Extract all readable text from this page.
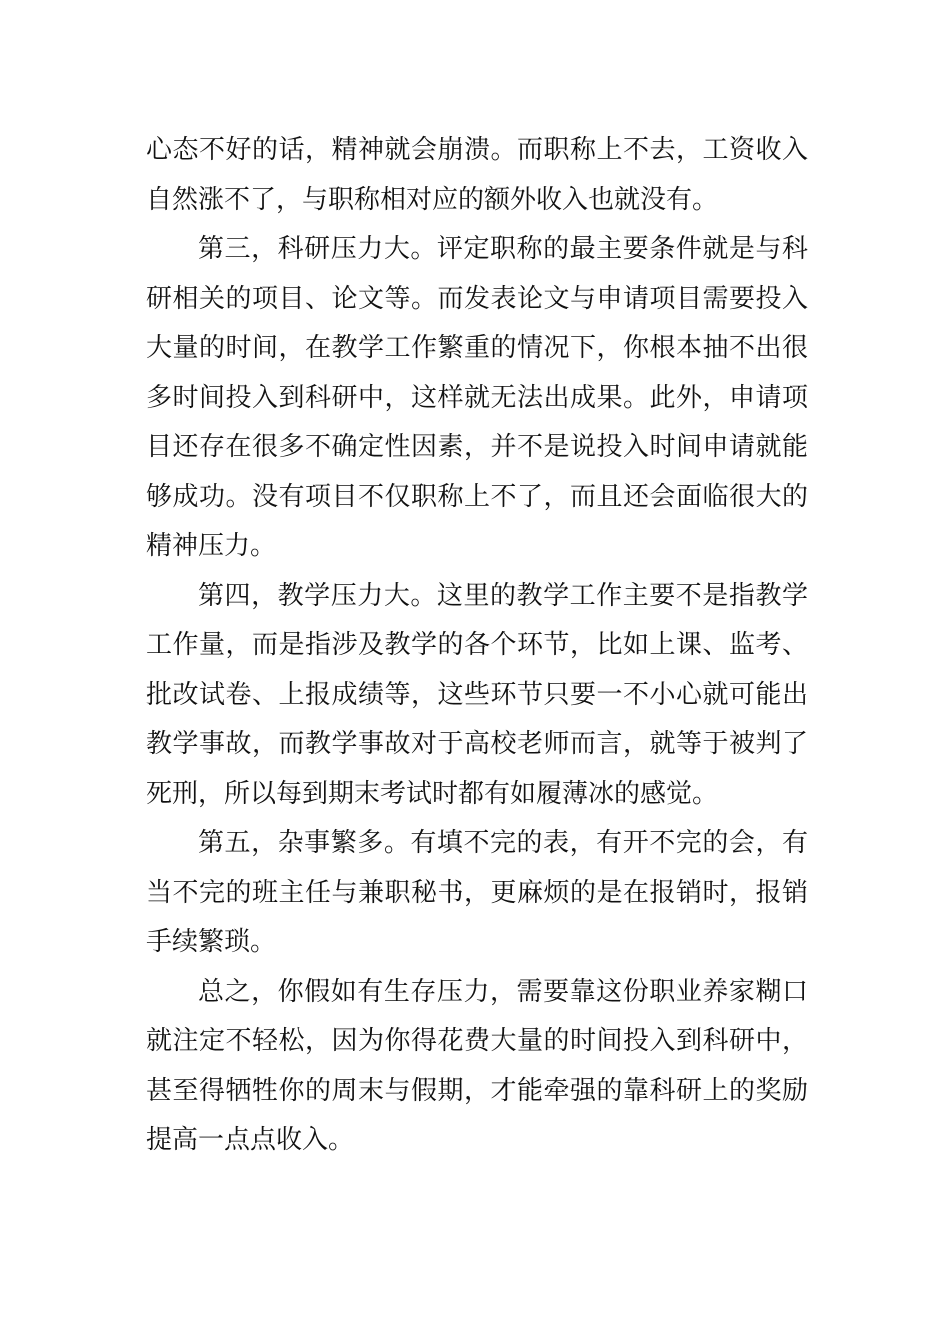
心态不好的话，精神就会崩溃。而职称上不去，工资收入自然涨不了，与职称相对应的额外收入也就没有。

第三，科研压力大。评定职称的最主要条件就是与科研相关的项目、论文等。而发表论文与申请项目需要投入大量的时间，在教学工作繁重的情况下，你根本抽不出很多时间投入到科研中，这样就无法出成果。此外，申请项目还存在很多不确定性因素，并不是说投入时间申请就能够成功。没有项目不仅职称上不了，而且还会面临很大的精神压力。

第四，教学压力大。这里的教学工作主要不是指教学工作量，而是指涉及教学的各个环节，比如上课、监考、批改试卷、上报成绩等，这些环节只要一不小心就可能出教学事故，而教学事故对于高校老师而言，就等于被判了死刑，所以每到期末考试时都有如履薄冰的感觉。

第五，杂事繁多。有填不完的表，有开不完的会，有当不完的班主任与兼职秘书，更麻烦的是在报销时，报销手续繁琐。

总之，你假如有生存压力，需要靠这份职业养家糊口就注定不轻松，因为你得花费大量的时间投入到科研中，甚至得牺牲你的周末与假期，才能牵强的靠科研上的奖励提高一点点收入。
